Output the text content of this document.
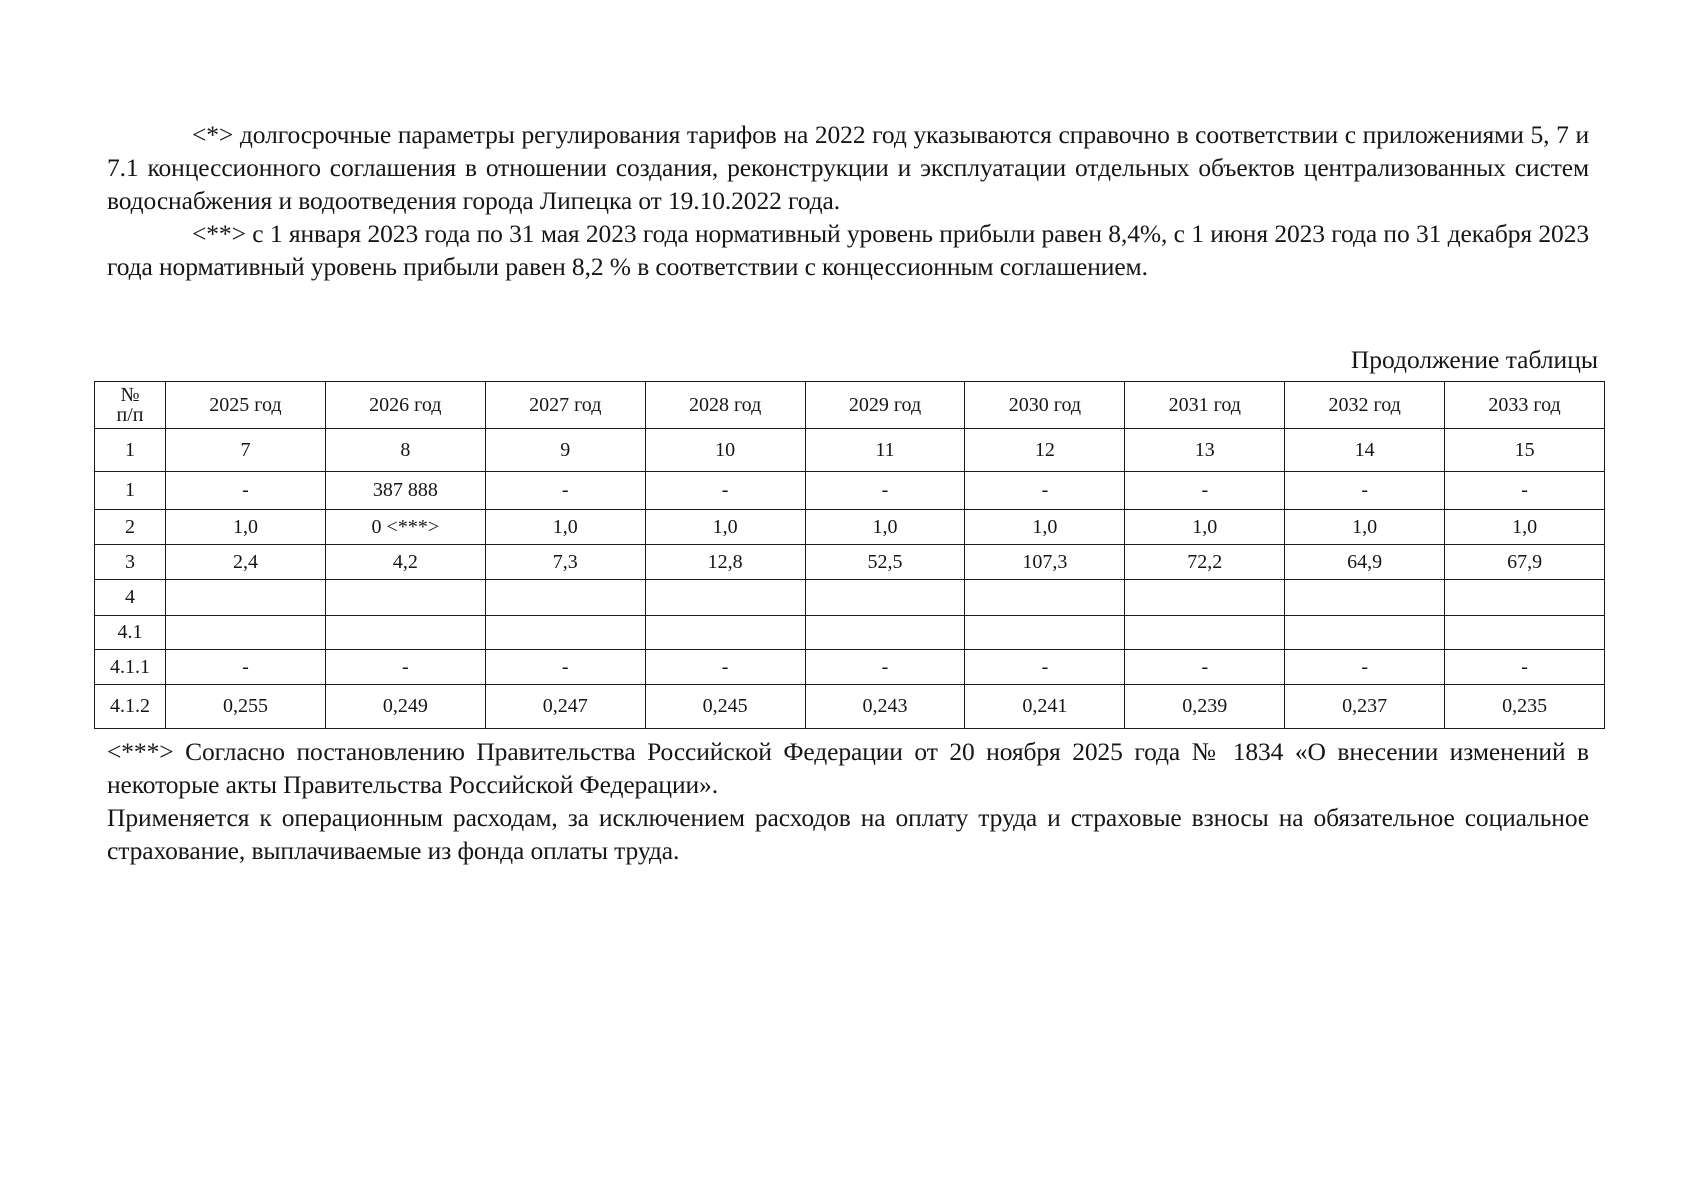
<*> долгосрочные параметры регулирования тарифов на 2022 год указываются справочно в соответствии с приложениями 5, 7 и 7.1 концессионного соглашения в отношении создания, реконструкции и эксплуатации отдельных объектов централизованных систем водоснабжения и водоотведения города Липецка от 19.10.2022 года.

<**> с 1 января 2023 года по 31 мая 2023 года нормативный уровень прибыли равен 8,4%, с 1 июня 2023 года по 31 декабря 2023 года нормативный уровень прибыли равен 8,2 % в соответствии с концессионным соглашением.

Продолжение таблицы
№
п/п	2025 год	2026 год	2027 год	2028 год	2029 год	2030 год	2031 год	2032 год	2033 год
1	7	8	9	10	11	12	13	14	15
1	-	387 888	-	-	-	-	-	-	-
2	1,0	0 <***>	1,0	1,0	1,0	1,0	1,0	1,0	1,0
3	2,4	4,2	7,3	12,8	52,5	107,3	72,2	64,9	67,9
4									
4.1									
4.1.1	-	-	-	-	-	-	-	-	-
4.1.2	0,255	0,249	0,247	0,245	0,243	0,241	0,239	0,237	0,235

<***> Согласно постановлению Правительства Российской Федерации от 20 ноября 2025 года № 1834 «О внесении изменений в некоторые акты Правительства Российской Федерации».

Применяется к операционным расходам, за исключением расходов на оплату труда и страховые взносы на обязательное социальное страхование, выплачиваемые из фонда оплаты труда.
